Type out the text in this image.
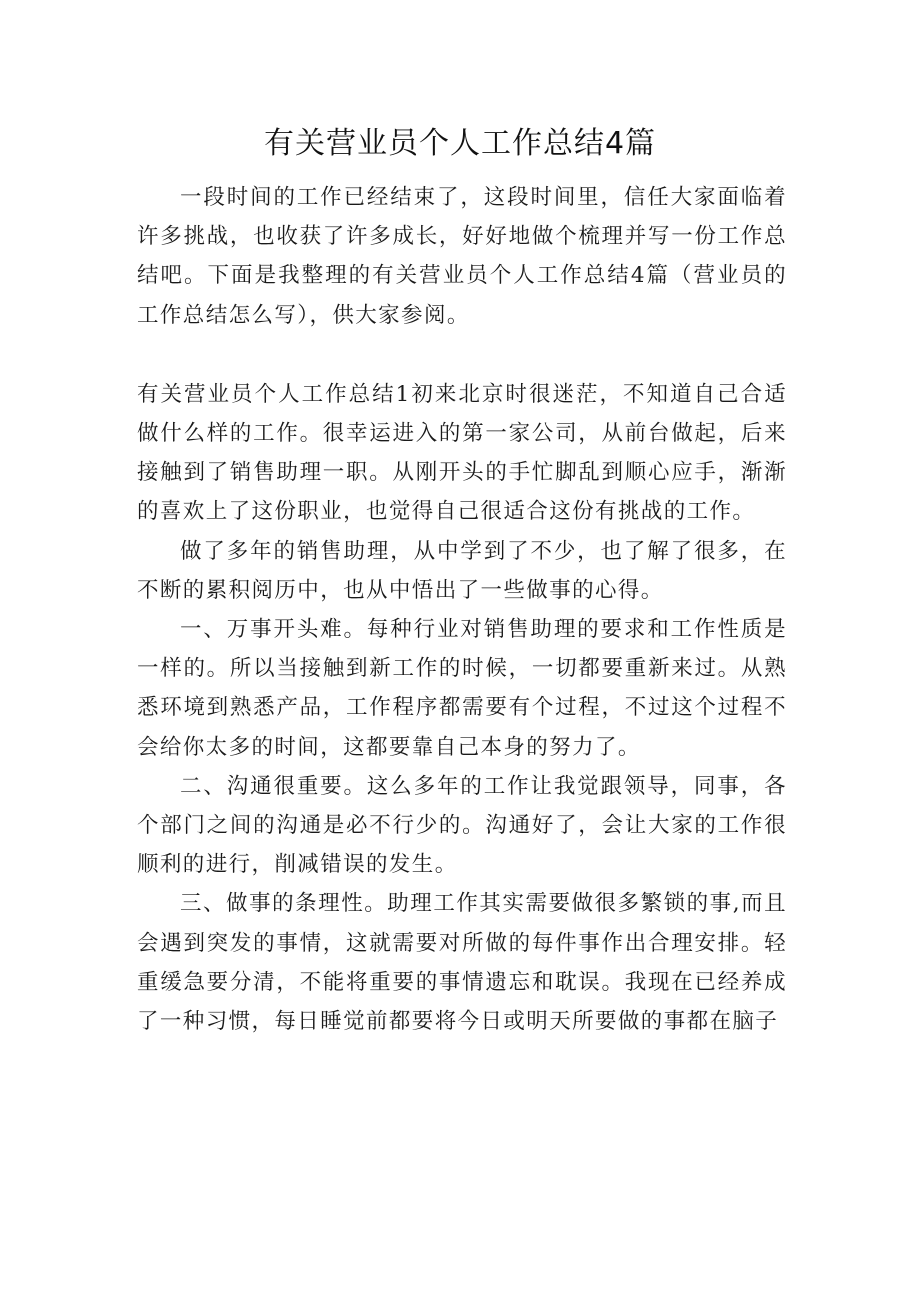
有关营业员个人工作总结4篇

一段时间的工作已经结束了，这段时间里，信任大家面临着许多挑战，也收获了许多成长，好好地做个梳理并写一份工作总结吧。下面是我整理的有关营业员个人工作总结4篇（营业员的工作总结怎么写），供大家参阅。

有关营业员个人工作总结1初来北京时很迷茫，不知道自己合适做什么样的工作。很幸运进入的第一家公司，从前台做起，后来接触到了销售助理一职。从刚开头的手忙脚乱到顺心应手，渐渐的喜欢上了这份职业，也觉得自己很适合这份有挑战的工作。

做了多年的销售助理，从中学到了不少，也了解了很多，在不断的累积阅历中，也从中悟出了一些做事的心得。

一、万事开头难。每种行业对销售助理的要求和工作性质是一样的。所以当接触到新工作的时候，一切都要重新来过。从熟悉环境到熟悉产品，工作程序都需要有个过程，不过这个过程不会给你太多的时间，这都要靠自己本身的努力了。

二、沟通很重要。这么多年的工作让我觉跟领导，同事，各个部门之间的沟通是必不行少的。沟通好了，会让大家的工作很顺利的进行，削减错误的发生。

三、做事的条理性。助理工作其实需要做很多繁锁的事,而且会遇到突发的事情，这就需要对所做的每件事作出合理安排。轻重缓急要分清，不能将重要的事情遗忘和耽误。我现在已经养成了一种习惯，每日睡觉前都要将今日或明天所要做的事都在脑子
